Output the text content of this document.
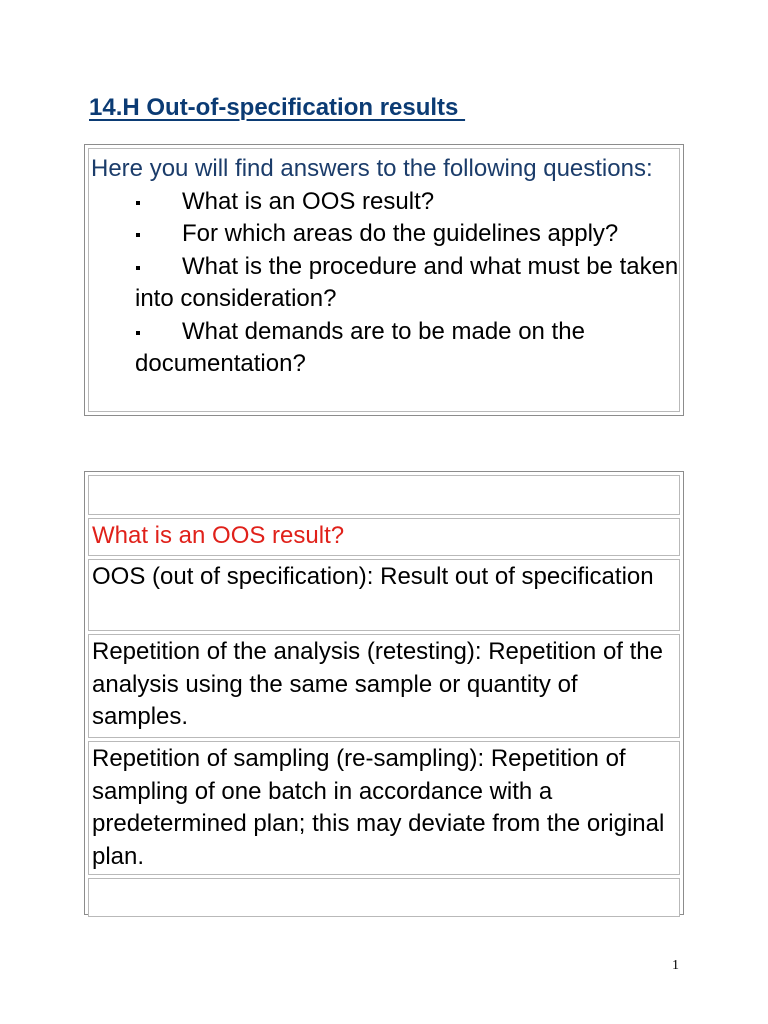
14.H Out-of-specification results

Here you will find answers to the following questions:

What is an OOS result?
For which areas do the guidelines apply?
What is the procedure and what must be taken into consideration?
What demands are to be made on the documentation?
What is an OOS result?
OOS (out of specification): Result out of specification
Repetition of the analysis (retesting): Repetition of the analysis using the same sample or quantity of samples.
Repetition of sampling (re-sampling): Repetition of sampling of one batch in accordance with a predetermined plan; this may deviate from the original plan.
1
